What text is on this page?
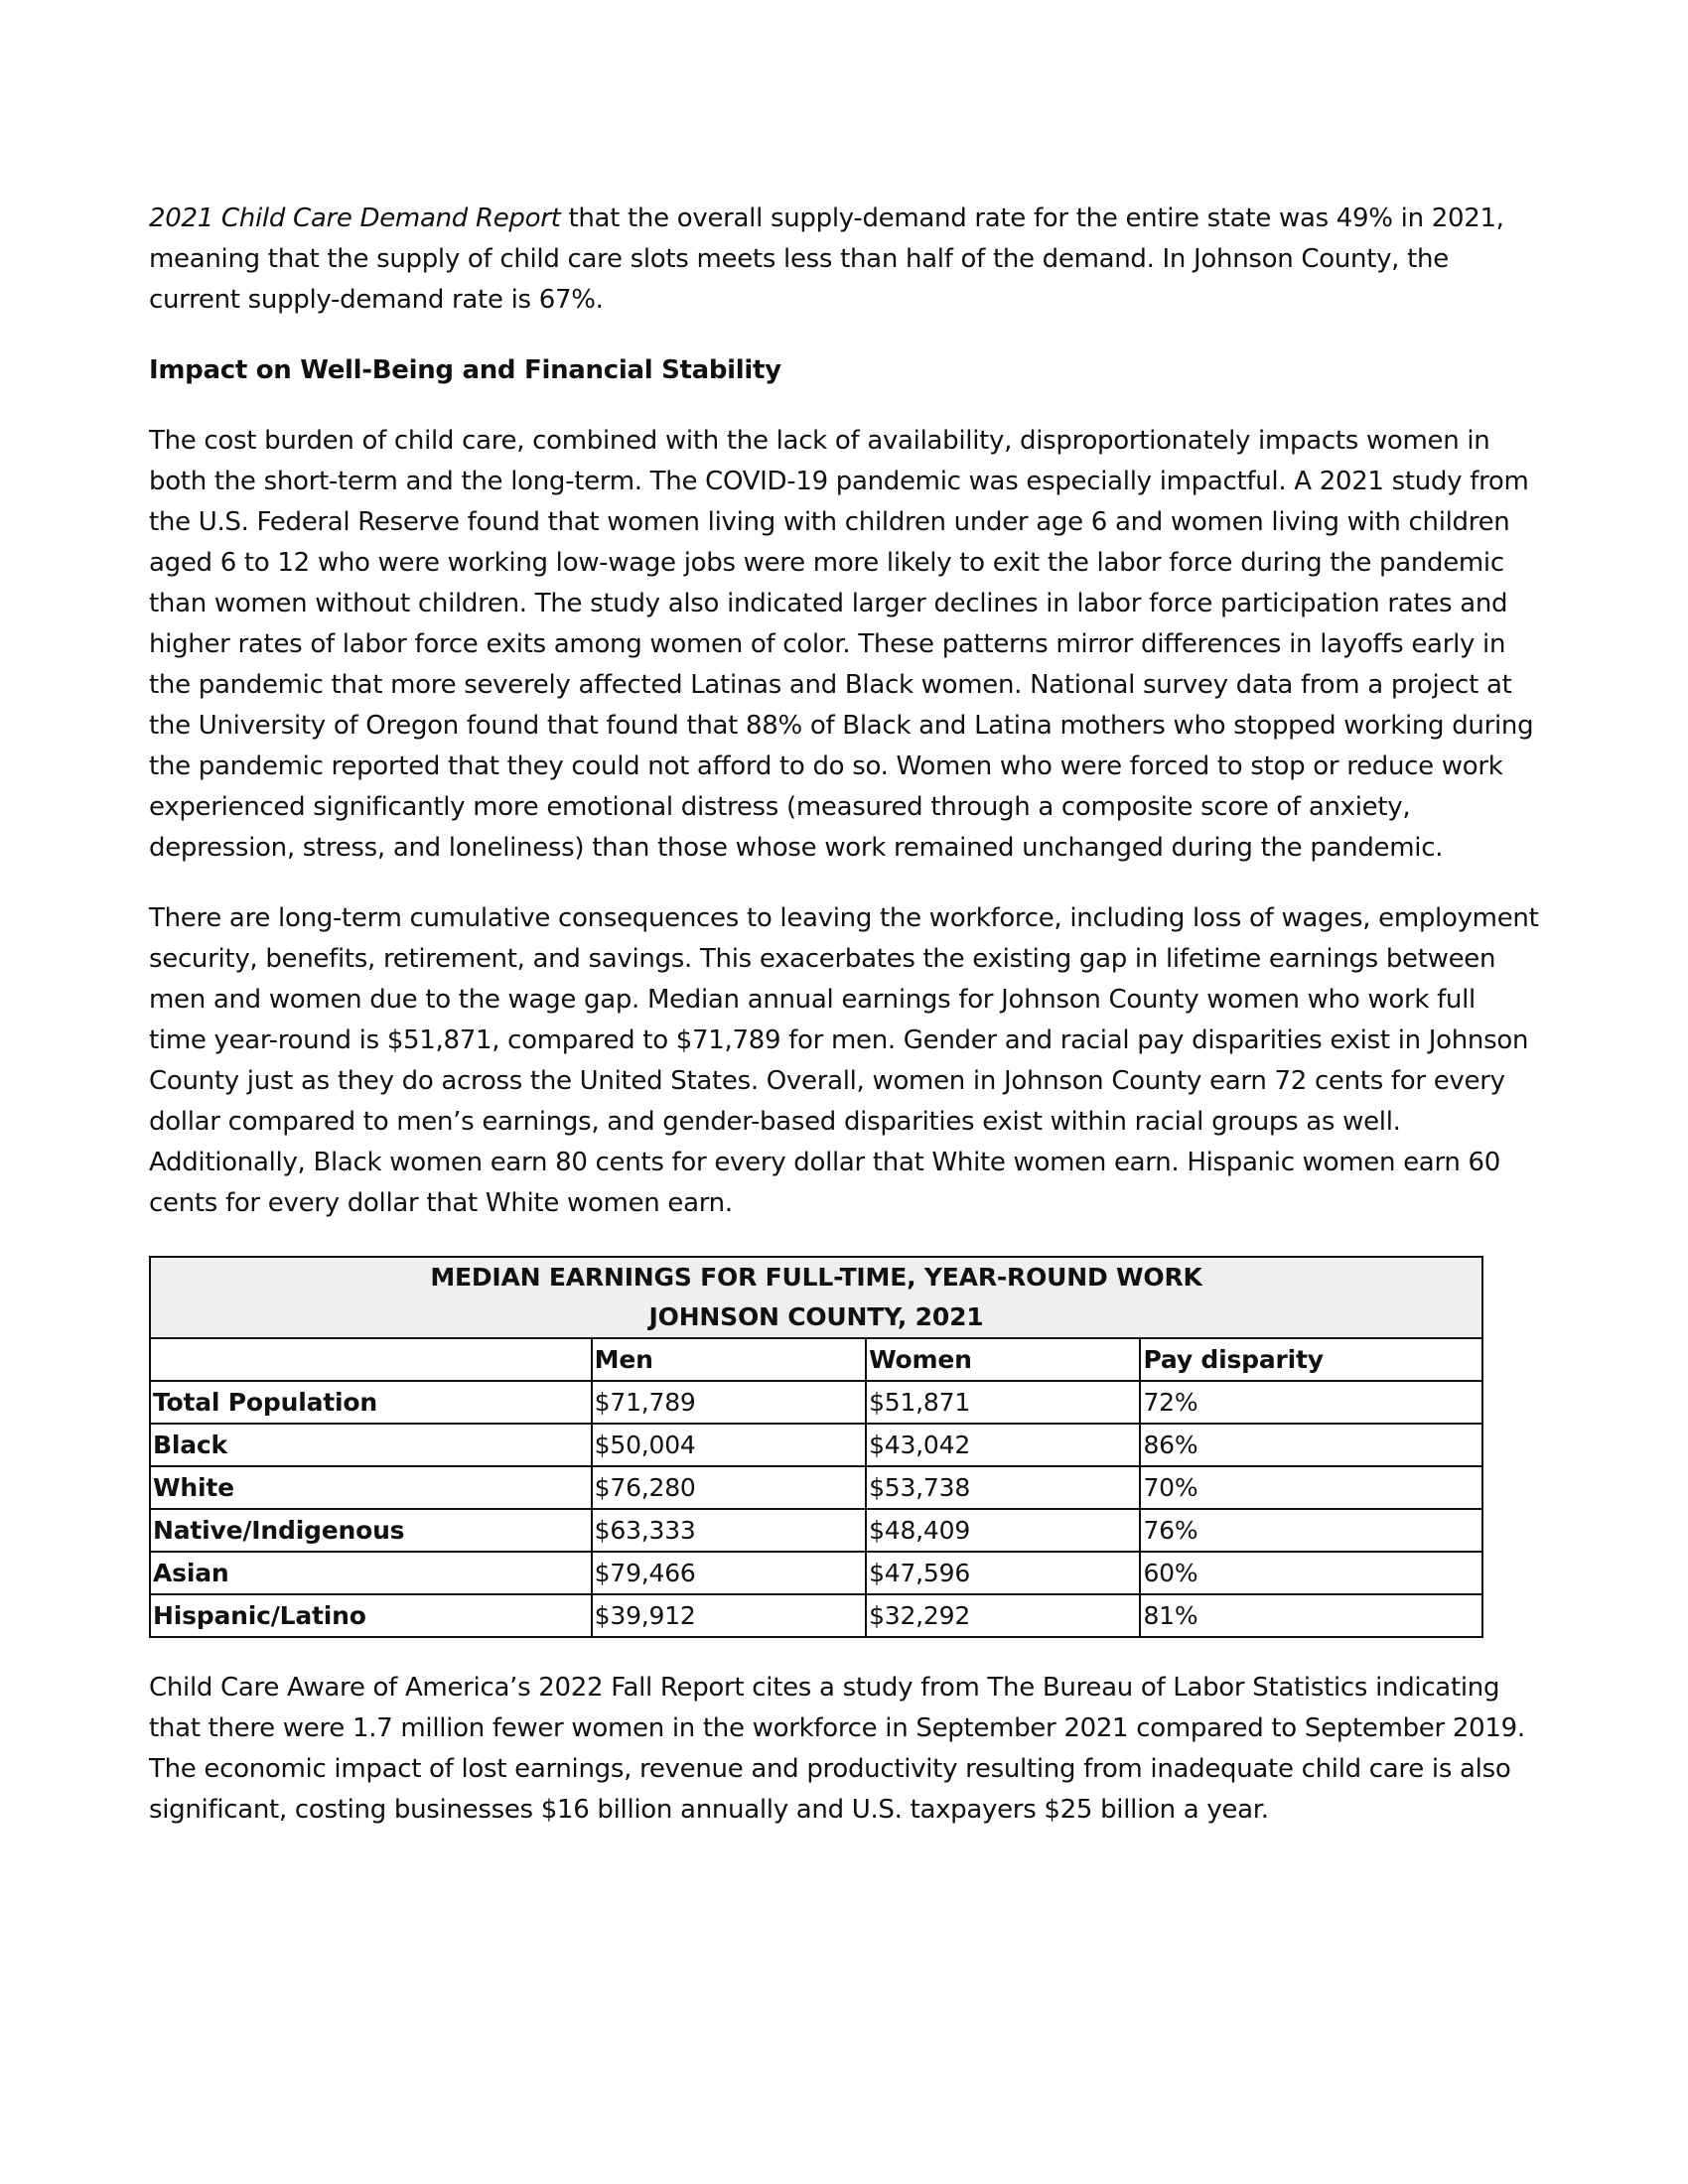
2021 Child Care Demand Report that the overall supply-demand rate for the entire state was 49% in 2021, meaning that the supply of child care slots meets less than half of the demand. In Johnson County, the current supply-demand rate is 67%.

Impact on Well-Being and Financial Stability

The cost burden of child care, combined with the lack of availability, disproportionately impacts women in both the short-term and the long-term. The COVID-19 pandemic was especially impactful. A 2021 study from the U.S. Federal Reserve found that women living with children under age 6 and women living with children aged 6 to 12 who were working low-wage jobs were more likely to exit the labor force during the pandemic than women without children. The study also indicated larger declines in labor force participation rates and higher rates of labor force exits among women of color. These patterns mirror differences in layoffs early in the pandemic that more severely affected Latinas and Black women. National survey data from a project at the University of Oregon found that found that 88% of Black and Latina mothers who stopped working during the pandemic reported that they could not afford to do so. Women who were forced to stop or reduce work experienced significantly more emotional distress (measured through a composite score of anxiety, depression, stress, and loneliness) than those whose work remained unchanged during the pandemic.

There are long-term cumulative consequences to leaving the workforce, including loss of wages, employment security, benefits, retirement, and savings. This exacerbates the existing gap in lifetime earnings between men and women due to the wage gap. Median annual earnings for Johnson County women who work full time year-round is $51,871, compared to $71,789 for men. Gender and racial pay disparities exist in Johnson County just as they do across the United States. Overall, women in Johnson County earn 72 cents for every dollar compared to men’s earnings, and gender-based disparities exist within racial groups as well. Additionally, Black women earn 80 cents for every dollar that White women earn. Hispanic women earn 60 cents for every dollar that White women earn.

MEDIAN EARNINGS FOR FULL-TIME, YEAR-ROUND WORK
JOHNSON COUNTY, 2021			

	Men	Women	Pay disparity
Total Population	$71,789	$51,871	72%
Black	$50,004	$43,042	86%
White	$76,280	$53,738	70%
Native/Indigenous	$63,333	$48,409	76%
Asian	$79,466	$47,596	60%
Hispanic/Latino	$39,912	$32,292	81%

Child Care Aware of America’s 2022 Fall Report cites a study from The Bureau of Labor Statistics indicating that there were 1.7 million fewer women in the workforce in September 2021 compared to September 2019. The economic impact of lost earnings, revenue and productivity resulting from inadequate child care is also significant, costing businesses $16 billion annually and U.S. taxpayers $25 billion a year.
